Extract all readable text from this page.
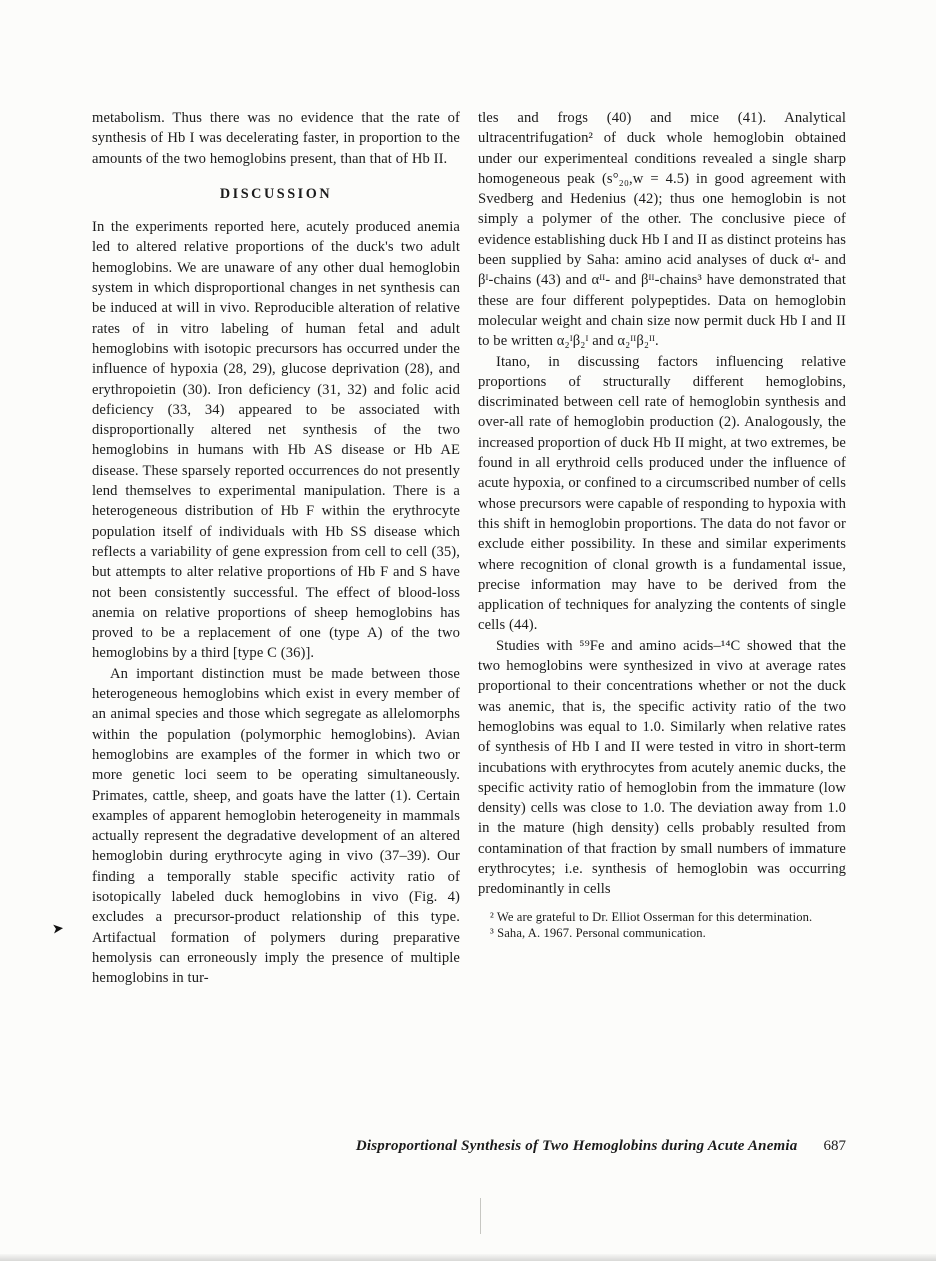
metabolism. Thus there was no evidence that the rate of synthesis of Hb I was decelerating faster, in proportion to the amounts of the two hemoglobins present, than that of Hb II.

DISCUSSION

In the experiments reported here, acutely produced anemia led to altered relative proportions of the duck's two adult hemoglobins. We are unaware of any other dual hemoglobin system in which disproportional changes in net synthesis can be induced at will in vivo. Reproducible alteration of relative rates of in vitro labeling of human fetal and adult hemoglobins with isotopic precursors has occurred under the influence of hypoxia (28, 29), glucose deprivation (28), and erythropoietin (30). Iron deficiency (31, 32) and folic acid deficiency (33, 34) appeared to be associated with disproportionally altered net synthesis of the two hemoglobins in humans with Hb AS disease or Hb AE disease. These sparsely reported occurrences do not presently lend themselves to experimental manipulation. There is a heterogeneous distribution of Hb F within the erythrocyte population itself of individuals with Hb SS disease which reflects a variability of gene expression from cell to cell (35), but attempts to alter relative proportions of Hb F and S have not been consistently successful. The effect of blood-loss anemia on relative proportions of sheep hemoglobins has proved to be a replacement of one (type A) of the two hemoglobins by a third [type C (36)].

An important distinction must be made between those heterogeneous hemoglobins which exist in every member of an animal species and those which segregate as allelomorphs within the population (polymorphic hemoglobins). Avian hemoglobins are examples of the former in which two or more genetic loci seem to be operating simultaneously. Primates, cattle, sheep, and goats have the latter (1). Certain examples of apparent hemoglobin heterogeneity in mammals actually represent the degradative development of an altered hemoglobin during erythrocyte aging in vivo (37–39). Our finding a temporally stable specific activity ratio of isotopically labeled duck hemoglobins in vivo (Fig. 4) excludes a precursor-product relationship of this type. Artifactual formation of polymers during preparative hemolysis can erroneously imply the presence of multiple hemoglobins in tur-

tles and frogs (40) and mice (41). Analytical ultracentrifugation² of duck whole hemoglobin obtained under our experimenteal conditions revealed a single sharp homogeneous peak (s°₂₀,w = 4.5) in good agreement with Svedberg and Hedenius (42); thus one hemoglobin is not simply a polymer of the other. The conclusive piece of evidence establishing duck Hb I and II as distinct proteins has been supplied by Saha: amino acid analyses of duck αᴵ- and βᴵ-chains (43) and αᴵᴵ- and βᴵᴵ-chains³ have demonstrated that these are four different polypeptides. Data on hemoglobin molecular weight and chain size now permit duck Hb I and II to be written α₂ᴵβ₂ᴵ and α₂ᴵᴵβ₂ᴵᴵ.

Itano, in discussing factors influencing relative proportions of structurally different hemoglobins, discriminated between cell rate of hemoglobin synthesis and over-all rate of hemoglobin production (2). Analogously, the increased proportion of duck Hb II might, at two extremes, be found in all erythroid cells produced under the influence of acute hypoxia, or confined to a circumscribed number of cells whose precursors were capable of responding to hypoxia with this shift in hemoglobin proportions. The data do not favor or exclude either possibility. In these and similar experiments where recognition of clonal growth is a fundamental issue, precise information may have to be derived from the application of techniques for analyzing the contents of single cells (44).

Studies with ⁵⁹Fe and amino acids–¹⁴C showed that the two hemoglobins were synthesized in vivo at average rates proportional to their concentrations whether or not the duck was anemic, that is, the specific activity ratio of the two hemoglobins was equal to 1.0. Similarly when relative rates of synthesis of Hb I and II were tested in vitro in short-term incubations with erythrocytes from acutely anemic ducks, the specific activity ratio of hemoglobin from the immature (low density) cells was close to 1.0. The deviation away from 1.0 in the mature (high density) cells probably resulted from contamination of that fraction by small numbers of immature erythrocytes; i.e. synthesis of hemoglobin was occurring predominantly in cells

² We are grateful to Dr. Elliot Osserman for this determination.

³ Saha, A. 1967. Personal communication.

➤
Disproportional Synthesis of Two Hemoglobins during Acute Anemia 687
